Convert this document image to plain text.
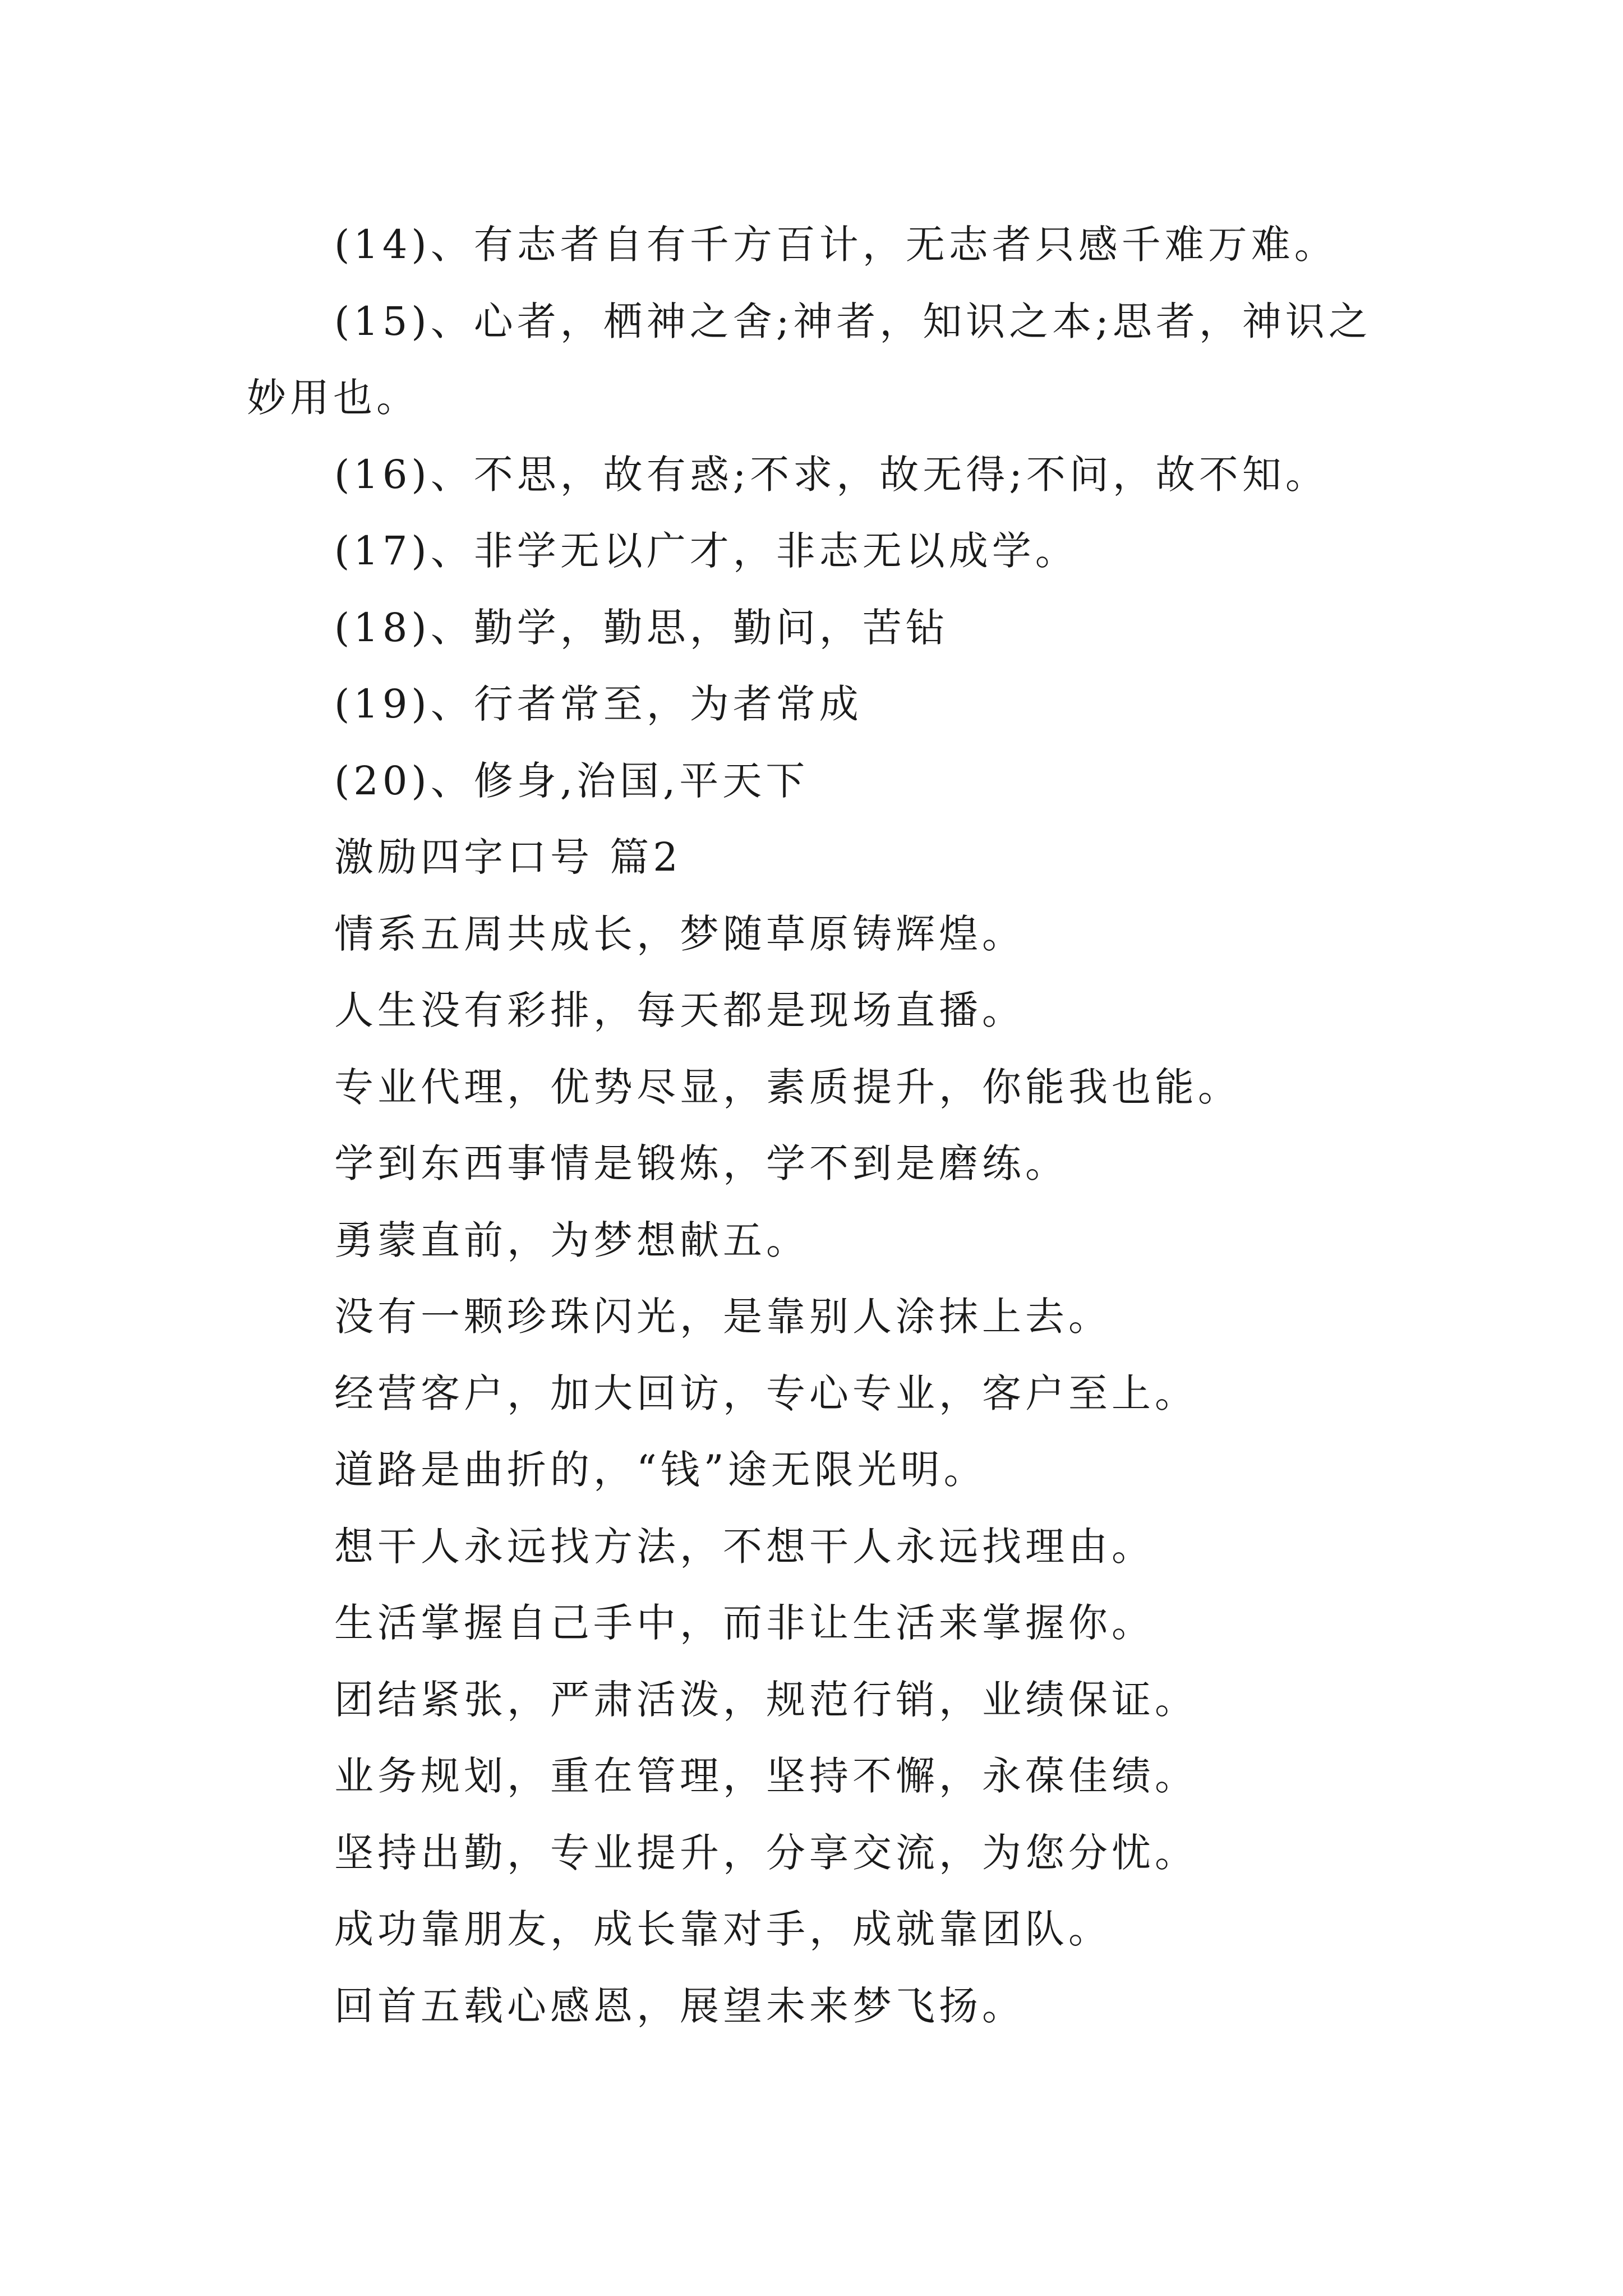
(14)、有志者自有千方百计，无志者只感千难万难。
(15)、心者，栖神之舍;神者，知识之本;思者，神识之
妙用也。
(16)、不思，故有惑;不求，故无得;不问，故不知。
(17)、非学无以广才，非志无以成学。
(18)、勤学，勤思，勤问，苦钻
(19)、行者常至，为者常成
(20)、修身,治国,平天下
激励四字口号 篇2
情系五周共成长，梦随草原铸辉煌。
人生没有彩排，每天都是现场直播。
专业代理，优势尽显，素质提升，你能我也能。
学到东西事情是锻炼，学不到是磨练。
勇蒙直前，为梦想献五。
没有一颗珍珠闪光，是靠别人涂抹上去。
经营客户，加大回访，专心专业，客户至上。
道路是曲折的，“钱”途无限光明。
想干人永远找方法，不想干人永远找理由。
生活掌握自己手中，而非让生活来掌握你。
团结紧张，严肃活泼，规范行销，业绩保证。
业务规划，重在管理，坚持不懈，永葆佳绩。
坚持出勤，专业提升，分享交流，为您分忧。
成功靠朋友，成长靠对手，成就靠团队。
回首五载心感恩，展望未来梦飞扬。
